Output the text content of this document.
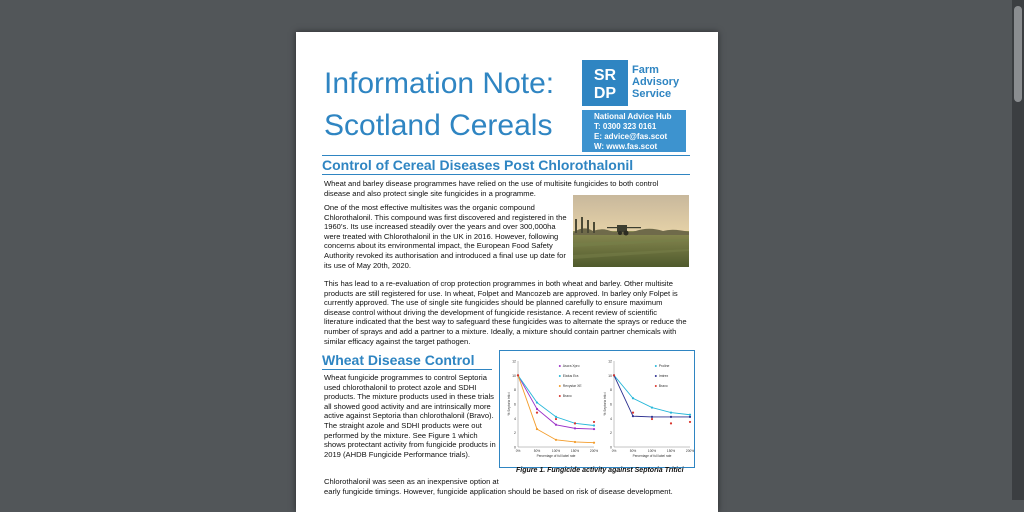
Information Note:
Scotland Cereals
SR
DP
Farm
Advisory
Service
National Advice Hub
T: 0300 323 0161
E: advice@fas.scot
W: www.fas.scot
Control of Cereal Diseases Post Chlorothalonil
Wheat and barley disease programmes have relied on the use of multisite fungicides to both control disease and also protect single site fungicides in a programme.
One of the most effective multisites was the organic compound Chlorothalonil. This compound was first discovered and registered in the 1960’s. Its use increased steadily over the years and over 300,000ha were treated with Chlorothalonil in the UK in 2016. However, following concerns about its environmental impact, the European Food Safety Authority revoked its authorisation and introduced a final use up date for its use of May 20th, 2020.
This has lead to a re-evaluation of crop protection programmes in both wheat and barley. Other multisite products are still registered for use. In wheat, Folpet and Mancozeb are approved. In barley only Folpet is currently approved. The use of single site fungicides should be planned carefully to ensure maximum disease control without driving the development of fungicide resistance. A recent review of scientific literature indicated that the best way to safeguard these fungicides was to alternate the sprays or reduce the number of sprays and add a partner to a mixture. Ideally, a mixture should contain partner chemicals with similar efficacy against the target pathogen.
Wheat Disease Control
Wheat fungicide programmes to control Septoria used chlorothalonil to protect azole and SDHI products. The mixture products used in these trials all showed good activity and are intrinsically more active against Septoria than chlorothalonil (Bravo). The straight azole and SDHI products were out performed by the mixture. See Figure 1 which shows protectant activity from fungicide products in 2019 (AHDB Fungicide Performance trials).
0
2
4
6
8
10
12
0%	50%	100%	150%	200%
Percentage of full label rate
% Septoria tritici
Ascra Xpro
Elatus Era
Revystar XE
Bravo
0
2
4
6
8
10
12
0%	50%	100%	150%	200%
Percentage of full label rate
% Septoria tritici
Proline
Imtrex
Bravo
Figure 1. Fungicide activity against Septoria Tritici
Chlorothalonil was seen as an inexpensive option at
early fungicide timings. However, fungicide application should be based on risk of disease development.
